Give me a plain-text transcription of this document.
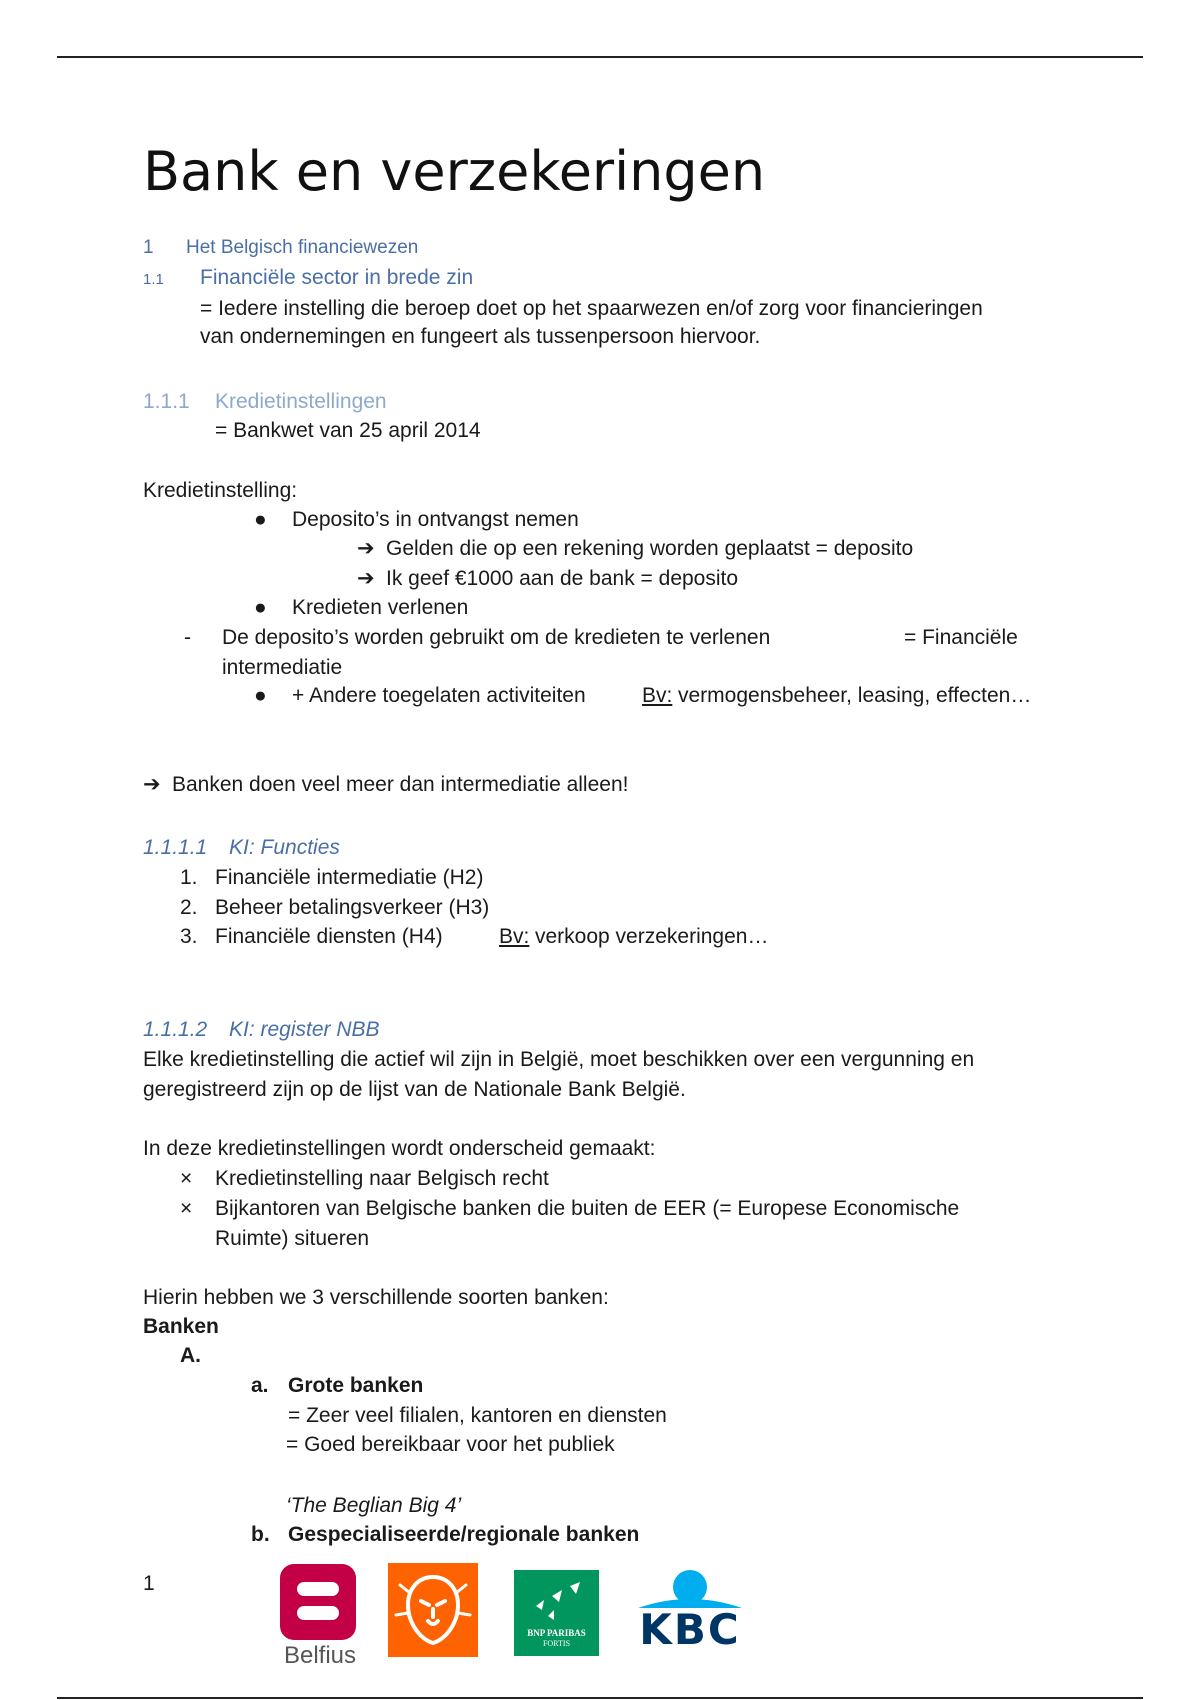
Bank en verzekeringen
1 Het Belgisch financiewezen
1.1 Financiële sector in brede zin
= Iedere instelling die beroep doet op het spaarwezen en/of zorg voor financieringen
van ondernemingen en fungeert als tussenpersoon hiervoor.
1.1.1 Kredietinstellingen
= Bankwet van 25 april 2014
Kredietinstelling:
● Deposito’s in ontvangst nemen
➔ Gelden die op een rekening worden geplaatst = deposito
➔ Ik geef €1000 aan de bank = deposito
● Kredieten verlenen
- De deposito’s worden gebruikt om de kredieten te verlenen	= Financiële
intermediatie
● + Andere toegelaten activiteiten	Bv: vermogensbeheer, leasing, effecten…
➔ Banken doen veel meer dan intermediatie alleen!
1.1.1.1 KI: Functies
1. Financiële intermediatie (H2)
2. Beheer betalingsverkeer (H3)
3. Financiële diensten (H4)	Bv: verkoop verzekeringen…
1.1.1.2 KI: register NBB
Elke kredietinstelling die actief wil zijn in België, moet beschikken over een vergunning en
geregistreerd zijn op de lijst van de Nationale Bank België.
In deze kredietinstellingen wordt onderscheid gemaakt:
× Kredietinstelling naar Belgisch recht
× Bijkantoren van Belgische banken die buiten de EER (= Europese Economische
Ruimte) situeren
Hierin hebben we 3 verschillende soorten banken:
Banken
A.
a. Grote banken
= Zeer veel filialen, kantoren en diensten
= Goed bereikbaar voor het publiek
‘The Beglian Big 4’
b. Gespecialiseerde/regionale banken
1
Belfius
BNP PARIBAS
FORTIS	KBC
